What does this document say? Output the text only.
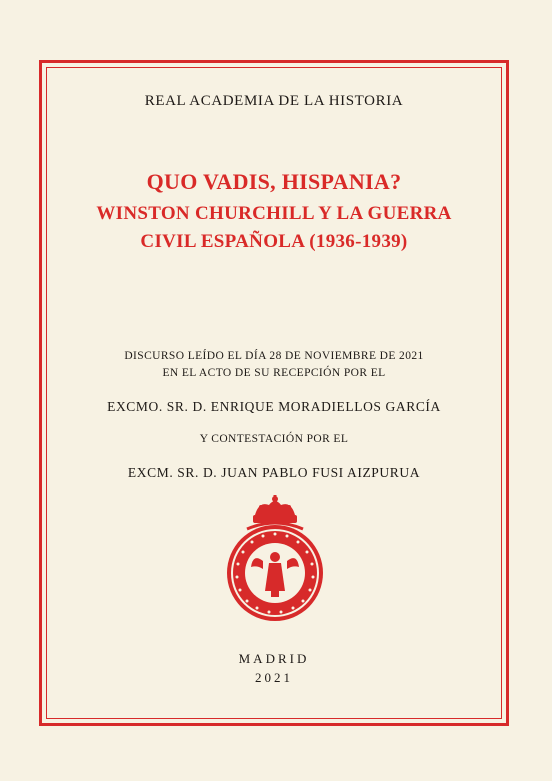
REAL ACADEMIA DE LA HISTORIA
QUO VADIS, HISPANIA?
WINSTON CHURCHILL Y LA GUERRA
CIVIL ESPAÑOLA (1936-1939)
DISCURSO LEÍDO EL DÍA 28 DE NOVIEMBRE DE 2021
EN EL ACTO DE SU RECEPCIÓN POR EL
EXCMO. SR. D. ENRIQUE MORADIELLOS GARCÍA
Y CONTESTACIÓN POR EL
EXCM. SR. D. JUAN PABLO FUSI AIZPURUA
MADRID
2021
